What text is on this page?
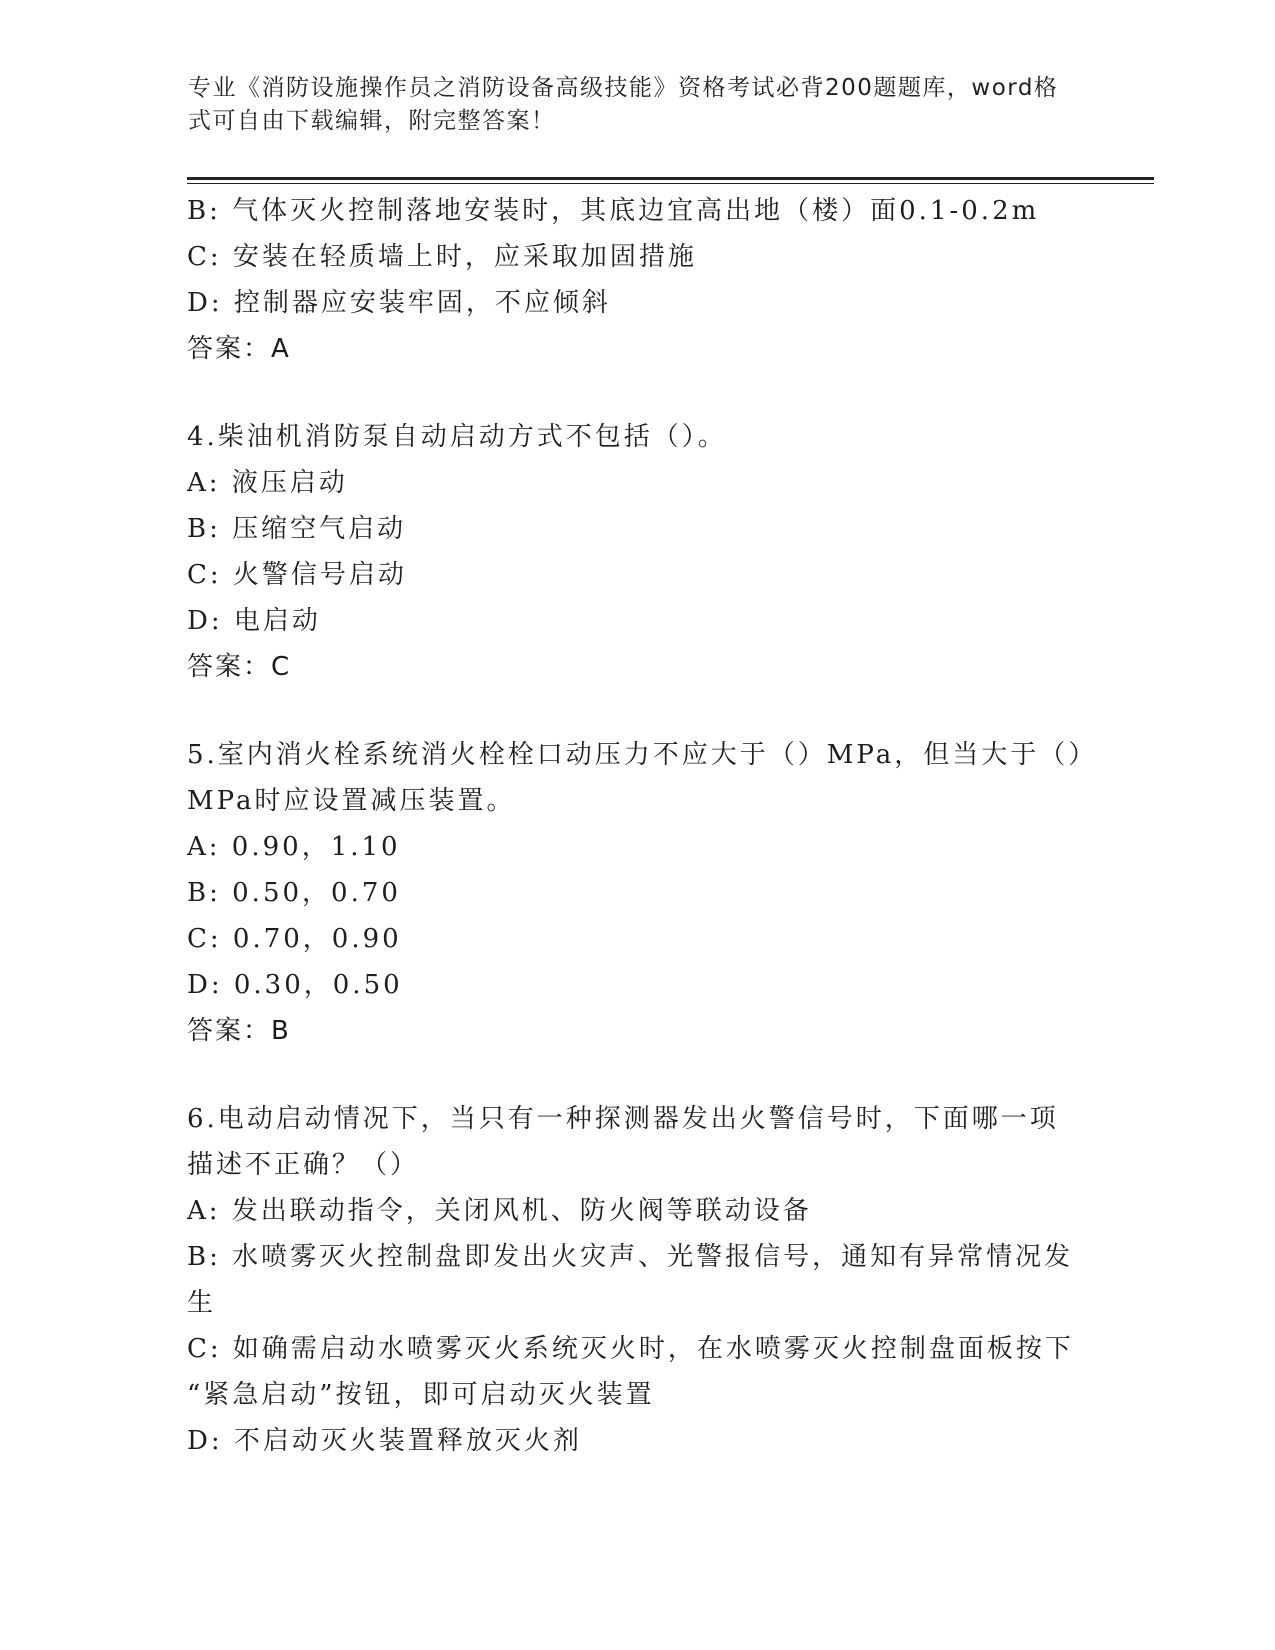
专业《消防设施操作员之消防设备高级技能》资格考试必背200题题库，word格
式可自由下载编辑，附完整答案！
B: 气体灭火控制落地安装时，其底边宜高出地（楼）面0.1-0.2m
C: 安装在轻质墙上时，应采取加固措施
D: 控制器应安装牢固，不应倾斜
答案：A
4.柴油机消防泵自动启动方式不包括（）。
A: 液压启动
B: 压缩空气启动
C: 火警信号启动
D: 电启动
答案：C
5.室内消火栓系统消火栓栓口动压力不应大于（）MPa，但当大于（）
MPa时应设置减压装置。
A: 0.90，1.10
B: 0.50，0.70
C: 0.70，0.90
D: 0.30，0.50
答案：B
6.电动启动情况下，当只有一种探测器发出火警信号时，下面哪一项
描述不正确？（）
A: 发出联动指令，关闭风机、防火阀等联动设备
B: 水喷雾灭火控制盘即发出火灾声、光警报信号，通知有异常情况发
生
C: 如确需启动水喷雾灭火系统灭火时，在水喷雾灭火控制盘面板按下
“紧急启动”按钮，即可启动灭火装置
D: 不启动灭火装置释放灭火剂
